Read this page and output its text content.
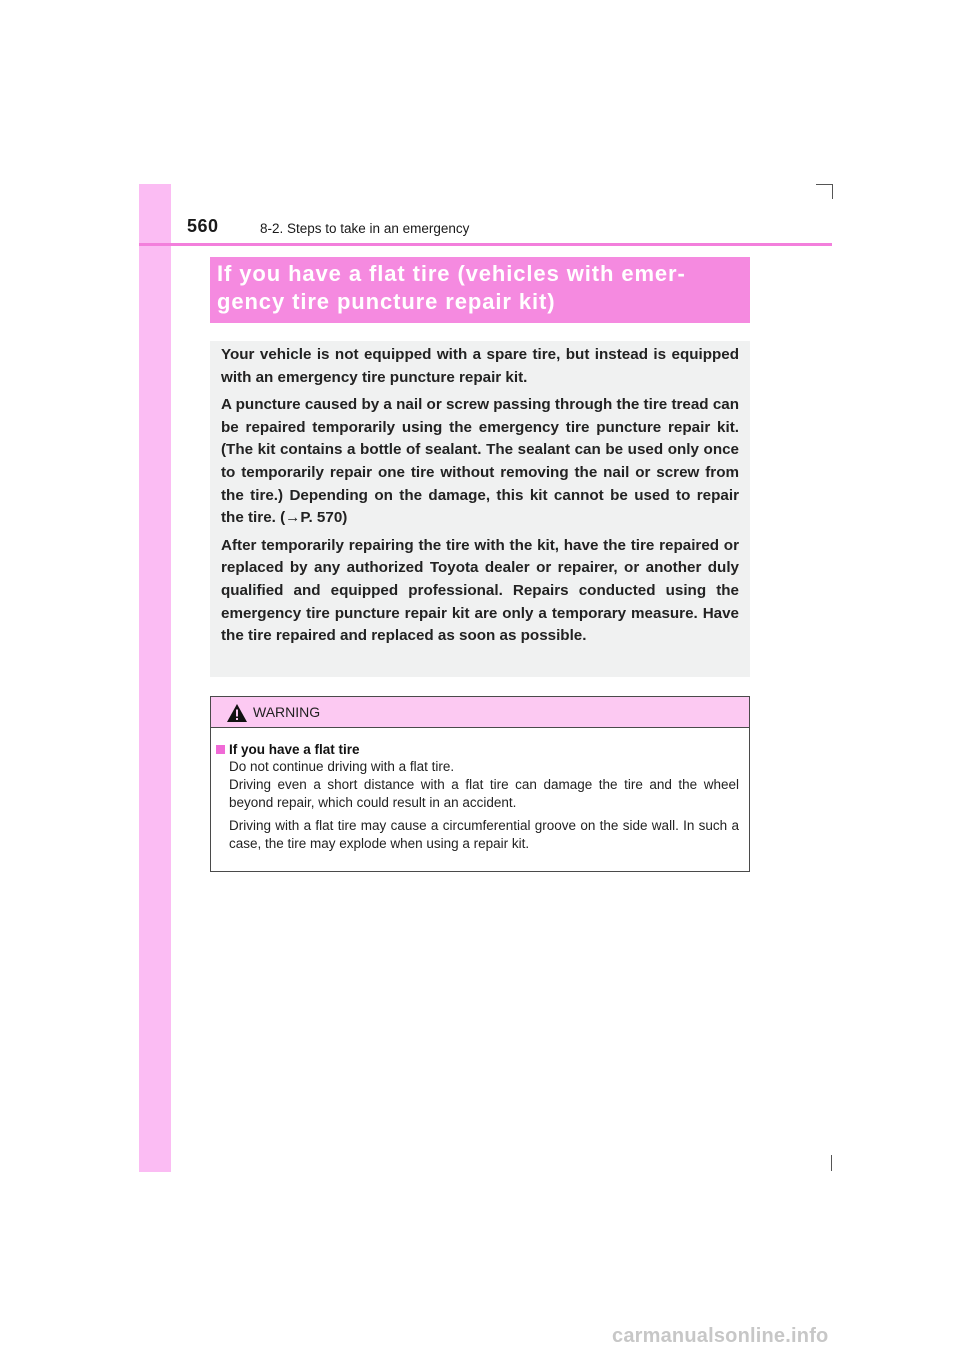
560	8-2. Steps to take in an emergency
If you have a flat tire (vehicles with emer-
gency tire puncture repair kit)

Your vehicle is not equipped with a spare tire, but instead is equipped with an emergency tire puncture repair kit.

A puncture caused by a nail or screw passing through the tire tread can be repaired temporarily using the emergency tire puncture repair kit. (The kit contains a bottle of sealant. The sealant can be used only once to temporarily repair one tire without removing the nail or screw from the tire.) Depending on the damage, this kit cannot be used to repair the tire. (→P. 570)

After temporarily repairing the tire with the kit, have the tire repaired or replaced by any authorized Toyota dealer or repairer, or another duly qualified and equipped professional. Repairs conducted using the emergency tire puncture repair kit are only a temporary measure. Have the tire repaired and replaced as soon as possible.

WARNING
If you have a flat tire

Do not continue driving with a flat tire.

Driving even a short distance with a flat tire can damage the tire and the wheel beyond repair, which could result in an accident.

Driving with a flat tire may cause a circumferential groove on the side wall. In such a case, the tire may explode when using a repair kit.

carmanualsonline.info
